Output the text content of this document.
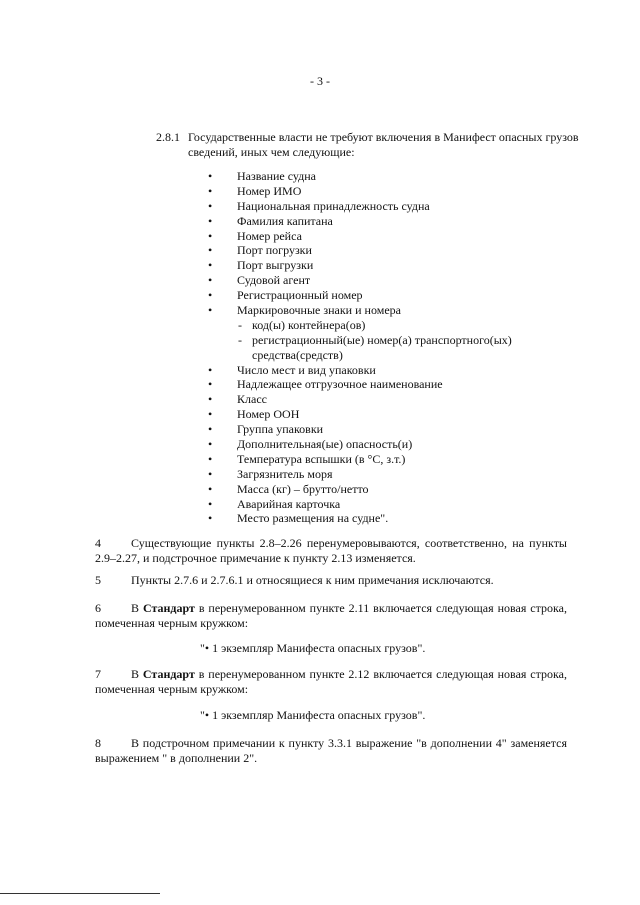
- 3 -
2.8.1 Государственные власти не требуют включения в Манифест опасных грузов сведений, иных чем следующие:
• Название судна
• Номер ИМО
• Национальная принадлежность судна
• Фамилия капитана
• Номер рейса
• Порт погрузки
• Порт выгрузки
• Судовой агент
• Регистрационный номер
• Маркировочные знаки и номера
- код(ы) контейнера(ов)
- регистрационный(ые) номер(а) транспортного(ых)
средства(средств)
• Число мест и вид упаковки
• Надлежащее отгрузочное наименование
• Класс
• Номер ООН
• Группа упаковки
• Дополнительная(ые) опасность(и)
• Температура вспышки (в °С, з.т.)
• Загрязнитель моря
• Масса (кг) – брутто/нетто
• Аварийная карточка
• Место размещения на судне".
4	Существующие пункты 2.8–2.26 перенумеровываются, соответственно, на пункты 2.9–2.27, и подстрочное примечание к пункту 2.13 изменяется.
5	Пункты 2.7.6 и 2.7.6.1 и относящиеся к ним примечания исключаются.
6	В Стандарт в перенумерованном пункте 2.11 включается следующая новая строка, помеченная черным кружком:
"• 1 экземпляр Манифеста опасных грузов".
7	В Стандарт в перенумерованном пункте 2.12 включается следующая новая строка, помеченная черным кружком:
"• 1 экземпляр Манифеста опасных грузов".
8	В подстрочном примечании к пункту 3.3.1 выражение "в дополнении 4" заменяется выражением " в дополнении 2".
